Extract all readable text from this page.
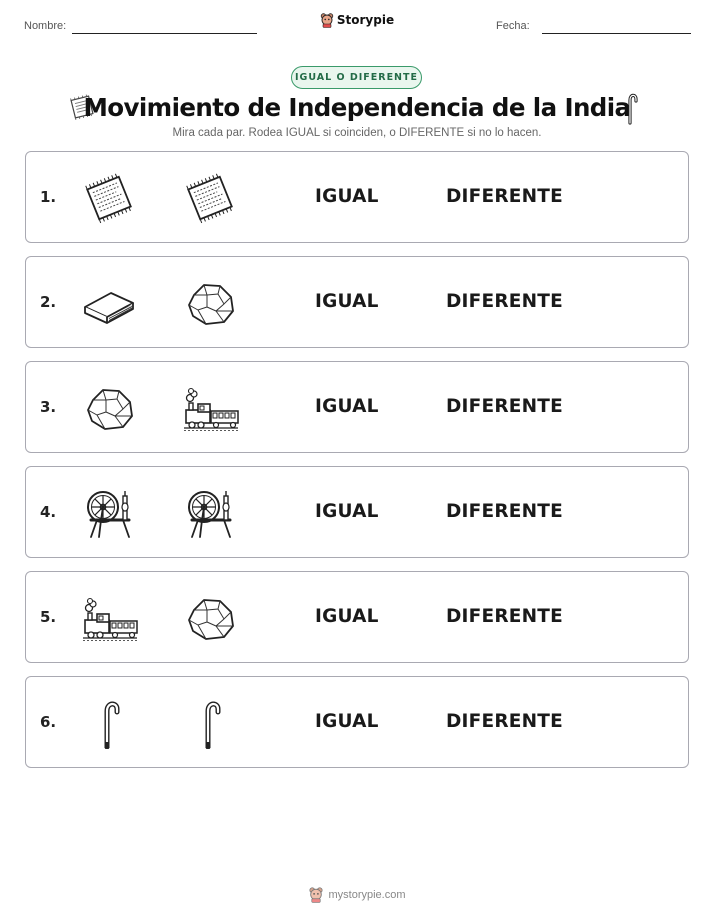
Nombre:	Storypie	Fecha:
IGUAL O DIFERENTE
Movimiento de Independencia de la India
Mira cada par. Rodea IGUAL si coinciden, o DIFERENTE si no lo hacen.
1.	IGUAL	DIFERENTE
2.	IGUAL	DIFERENTE
3.	IGUAL	DIFERENTE
4.	IGUAL	DIFERENTE
5.	IGUAL	DIFERENTE
6.	IGUAL	DIFERENTE
mystorypie.com
